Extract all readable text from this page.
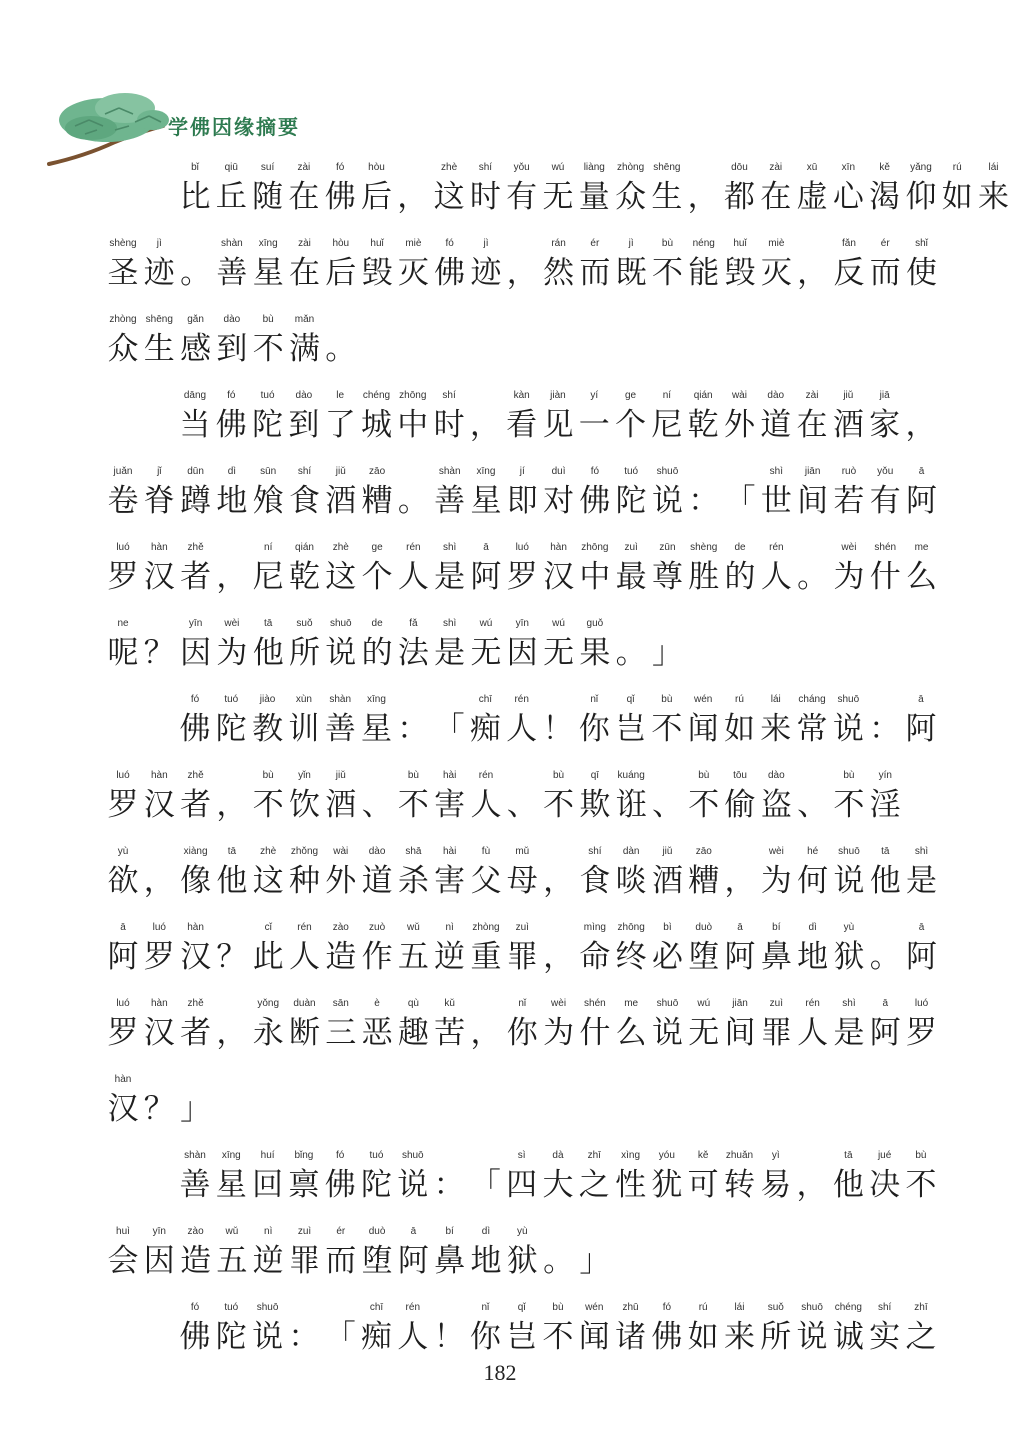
学佛因缘摘要
bǐ
比
qiū
丘
suí
随
zài
在
fó
佛
hòu
后 ，
zhè
这
shí
时
yǒu
有
wú
无
liàng
量
zhòng
众
shēng
生 ，
dōu
都
zài
在
xū
虚
xīn
心
kě
渴
yǎng
仰
rú
如
lái
来
shèng
圣
jì
迹 。
shàn
善
xīng
星
zài
在
hòu
后
huǐ
毁
miè
灭
fó
佛
jì
迹 ，
rán
然
ér
而
jì
既
bù
不
néng
能
huǐ
毁
miè
灭 ，
fǎn
反
ér
而
shǐ
使
zhòng
众
shēng
生
gǎn
感
dào
到
bù
不
mǎn
满 。
dāng
当
fó
佛
tuó
陀
dào
到
le
了
chéng
城
zhōng
中
shí
时 ，
kàn
看
jiàn
见
yí
一
ge
个
ní
尼
qián
乾
wài
外
dào
道
zài
在
jiǔ
酒
jiā
家 ，
juǎn
卷
jǐ
脊
dūn
蹲
dì
地
sūn
飧
shí
食
jiǔ
酒
zāo
糟 。
shàn
善
xīng
星
jí
即
duì
对
fó
佛
tuó
陀
shuō
说 ： 「
shì
世
jiān
间
ruò
若
yǒu
有
ā
阿
luó
罗
hàn
汉
zhě
者 ，
ní
尼
qián
乾
zhè
这
ge
个
rén
人
shì
是
ā
阿
luó
罗
hàn
汉
zhōng
中
zuì
最
zūn
尊
shèng
胜
de
的
rén
人 。
wèi
为
shén
什
me
么
ne
呢 ？
yīn
因
wèi
为
tā
他
suǒ
所
shuō
说
de
的
fǎ
法
shì
是
wú
无
yīn
因
wú
无
guǒ
果 。 」
fó
佛
tuó
陀
jiào
教
xùn
训
shàn
善
xīng
星 ： 「
chī
痴
rén
人 ！
nǐ
你
qǐ
岂
bù
不
wén
闻
rú
如
lái
来
cháng
常
shuō
说 ：
ā
阿
luó
罗
hàn
汉
zhě
者 ，
bù
不
yǐn
饮
jiǔ
酒 、
bù
不
hài
害
rén
人 、
bù
不
qī
欺
kuáng
诳 、
bù
不
tōu
偷
dào
盗 、
bù
不
yín
淫
yù
欲 ，
xiàng
像
tā
他
zhè
这
zhǒng
种
wài
外
dào
道
shā
杀
hài
害
fù
父
mǔ
母 ，
shí
食
dàn
啖
jiǔ
酒
zāo
糟 ，
wèi
为
hé
何
shuō
说
tā
他
shì
是
ā
阿
luó
罗
hàn
汉 ？
cǐ
此
rén
人
zào
造
zuò
作
wǔ
五
nì
逆
zhòng
重
zuì
罪 ，
mìng
命
zhōng
终
bì
必
duò
堕
ā
阿
bí
鼻
dì
地
yù
狱 。
ā
阿
luó
罗
hàn
汉
zhě
者 ，
yǒng
永
duàn
断
sān
三
è
恶
qù
趣
kǔ
苦 ，
nǐ
你
wèi
为
shén
什
me
么
shuō
说
wú
无
jiān
间
zuì
罪
rén
人
shì
是
ā
阿
luó
罗
hàn
汉 ？ 」
shàn
善
xīng
星
huí
回
bǐng
禀
fó
佛
tuó
陀
shuō
说 ： 「
sì
四
dà
大
zhī
之
xìng
性
yóu
犹
kě
可
zhuǎn
转
yì
易 ，
tā
他
jué
决
bù
不
huì
会
yīn
因
zào
造
wǔ
五
nì
逆
zuì
罪
ér
而
duò
堕
ā
阿
bí
鼻
dì
地
yù
狱 。 」
fó
佛
tuó
陀
shuō
说 ： 「
chī
痴
rén
人 ！
nǐ
你
qǐ
岂
bù
不
wén
闻
zhū
诸
fó
佛
rú
如
lái
来
suǒ
所
shuō
说
chéng
诚
shí
实
zhī
之
182
